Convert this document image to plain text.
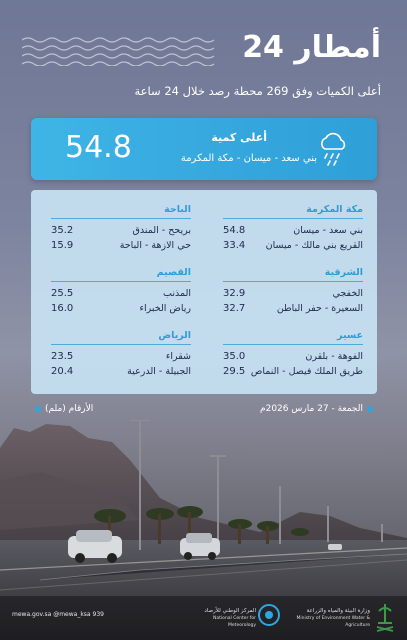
أمطار 24
أعلى الكميات وفق 269 محطة رصد خلال 24 ساعة
54.8	أعلى كمية
بني سعد - ميسان - مكة المكرمة
مكة المكرمة
54.8	بني سعد - ميسان
33.4 القريع بني مالك - ميسان
الشرقية
32.9	الخفجي
32.7	السعيرة - حفر الباطن
عسير
35.0	الفوهة - بلقرن
29.5 طريق الملك فيصل - النماص
الباحة
35.2	بريحح - المندق
15.9	حي الازهة - الباحة
القصيم
25.5	المذنب
16.0	رياض الخبراء
الرياض
23.5	شقراء
20.4	الجبيلة - الدرعية
الأرقام (ملم)	الجمعة - 27 مارس 2026م
mewa.gov.sa @mewa_ksa 939	المركز الوطني للأرصاد
National Center for Meteorology
وزارة البيئة والمياه والزراعة
Ministry of Environment Water & Agriculture
